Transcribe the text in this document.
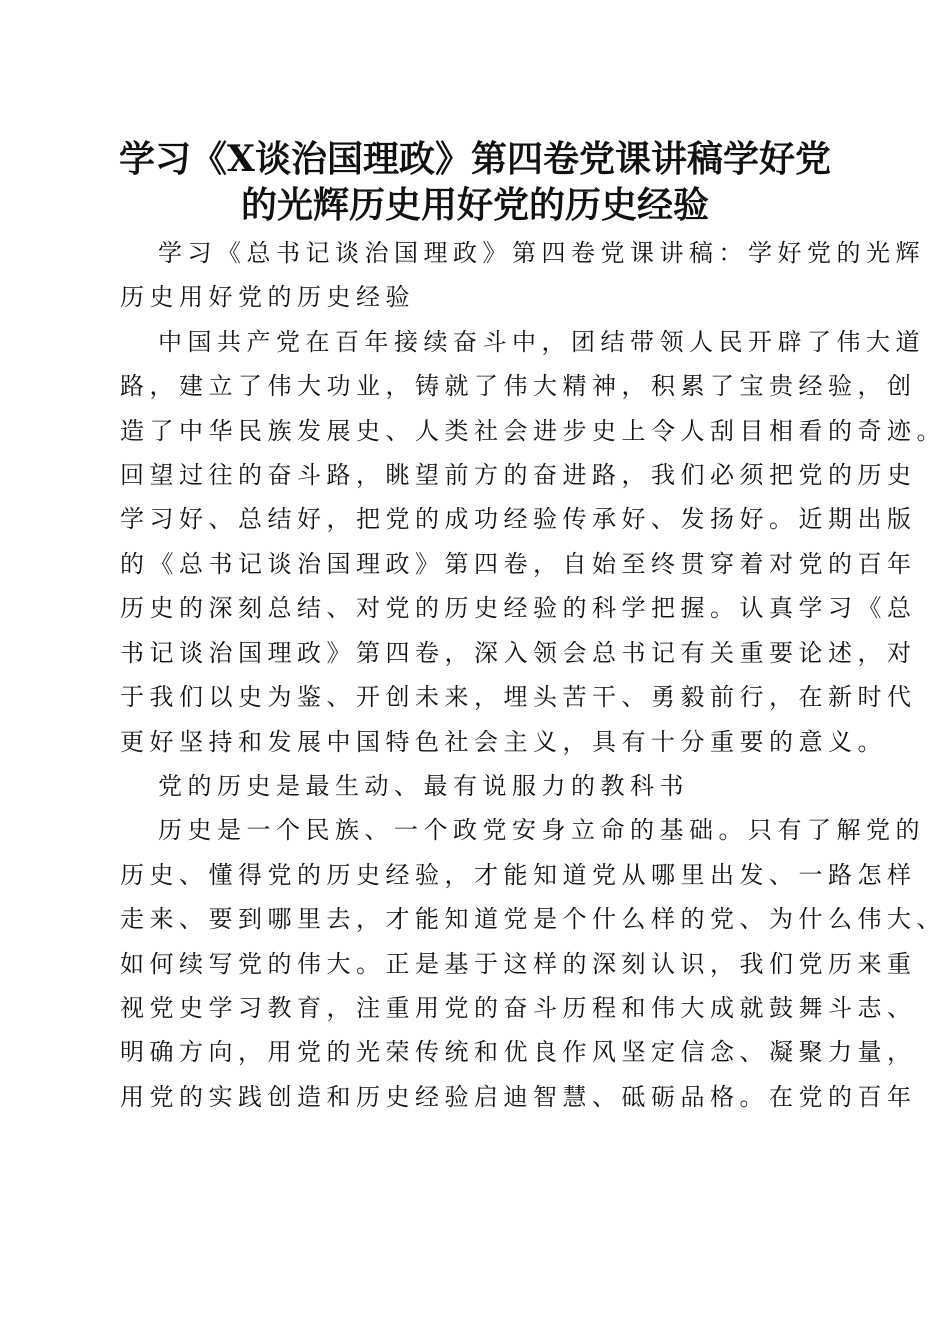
学习《X谈治国理政》第四卷党课讲稿学好党
的光辉历史用好党的历史经验
学习《总书记谈治国理政》第四卷党课讲稿：学好党的光辉
历史用好党的历史经验
中国共产党在百年接续奋斗中，团结带领人民开辟了伟大道
路，建立了伟大功业，铸就了伟大精神，积累了宝贵经验，创
造了中华民族发展史、人类社会进步史上令人刮目相看的奇迹。
回望过往的奋斗路，眺望前方的奋进路，我们必须把党的历史
学习好、总结好，把党的成功经验传承好、发扬好。近期出版
的《总书记谈治国理政》第四卷，自始至终贯穿着对党的百年
历史的深刻总结、对党的历史经验的科学把握。认真学习《总
书记谈治国理政》第四卷，深入领会总书记有关重要论述，对
于我们以史为鉴、开创未来，埋头苦干、勇毅前行，在新时代
更好坚持和发展中国特色社会主义，具有十分重要的意义。
党的历史是最生动、最有说服力的教科书
历史是一个民族、一个政党安身立命的基础。只有了解党的
历史、懂得党的历史经验，才能知道党从哪里出发、一路怎样
走来、要到哪里去，才能知道党是个什么样的党、为什么伟大、
如何续写党的伟大。正是基于这样的深刻认识，我们党历来重
视党史学习教育，注重用党的奋斗历程和伟大成就鼓舞斗志、
明确方向，用党的光荣传统和优良作风坚定信念、凝聚力量，
用党的实践创造和历史经验启迪智慧、砥砺品格。在党的百年
